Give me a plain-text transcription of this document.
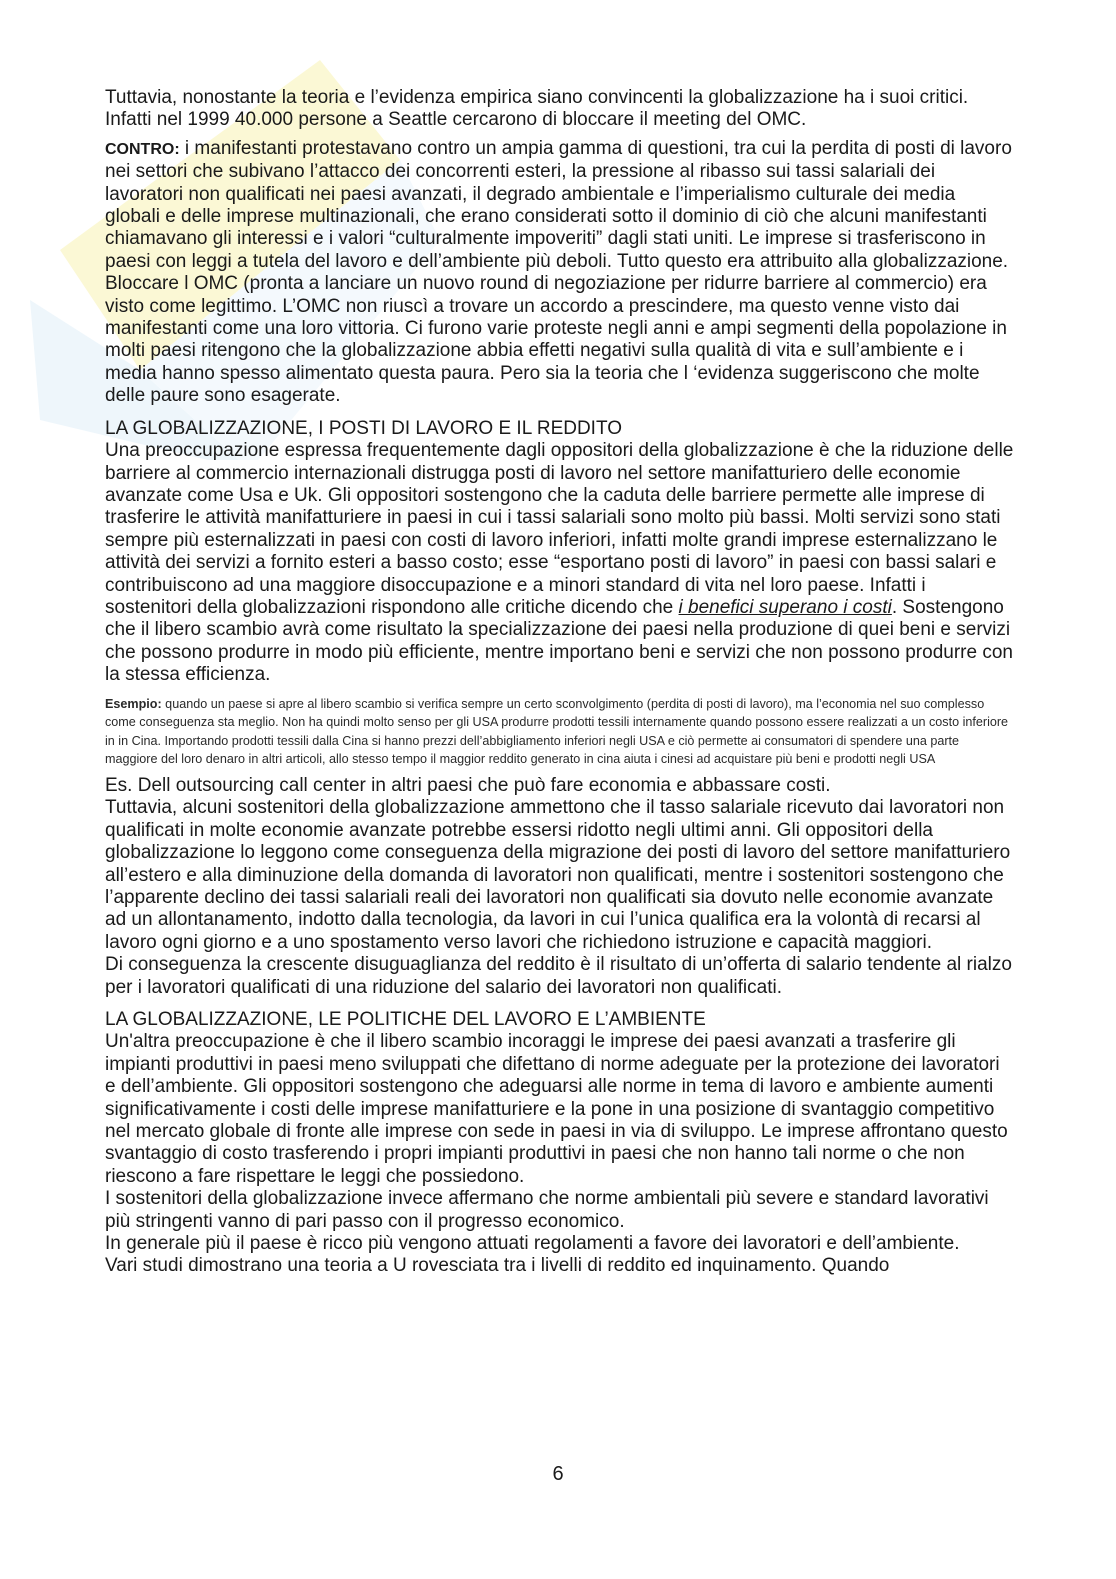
Tuttavia, nonostante la teoria e l’evidenza empirica siano convincenti la globalizzazione ha i suoi critici. Infatti nel 1999 40.000 persone a Seattle cercarono di bloccare il meeting del OMC.

CONTRO: i manifestanti protestavano contro un ampia gamma di questioni, tra cui la perdita di posti di lavoro nei settori che subivano l’attacco dei concorrenti esteri, la pressione al ribasso sui tassi salariali dei lavoratori non qualificati nei paesi avanzati, il degrado ambientale e l’imperialismo culturale dei media globali e delle imprese multinazionali, che erano considerati sotto il dominio di ciò che alcuni manifestanti chiamavano gli interessi e i valori “culturalmente impoveriti” dagli stati uniti. Le imprese si trasferiscono in paesi con leggi a tutela del lavoro e dell’ambiente più deboli. Tutto questo era attribuito alla globalizzazione.

Bloccare l OMC (pronta a lanciare un nuovo round di negoziazione per ridurre barriere al commercio) era visto come legittimo. L’OMC non riuscì a trovare un accordo a prescindere, ma questo venne visto dai manifestanti come una loro vittoria. Ci furono varie proteste negli anni e ampi segmenti della popolazione in molti paesi ritengono che la globalizzazione abbia effetti negativi sulla qualità di vita e sull’ambiente e i media hanno spesso alimentato questa paura. Pero sia la teoria che l ‘evidenza suggeriscono che molte delle paure sono esagerate.

LA GLOBALIZZAZIONE, I POSTI DI LAVORO E IL REDDITO

Una preoccupazione espressa frequentemente dagli oppositori della globalizzazione è che la riduzione delle barriere al commercio internazionali distrugga posti di lavoro nel settore manifatturiero delle economie avanzate come Usa e Uk. Gli oppositori sostengono che la caduta delle barriere permette alle imprese di trasferire le attività manifatturiere in paesi in cui i tassi salariali sono molto più bassi. Molti servizi sono stati sempre più esternalizzati in paesi con costi di lavoro inferiori, infatti molte grandi imprese esternalizzano le attività dei servizi a fornito esteri a basso costo; esse “esportano posti di lavoro” in paesi con bassi salari e contribuiscono ad una maggiore disoccupazione e a minori standard di vita nel loro paese. Infatti i sostenitori della globalizzazioni rispondono alle critiche dicendo che i benefici superano i costi. Sostengono che il libero scambio avrà come risultato la specializzazione dei paesi nella produzione di quei beni e servizi che possono produrre in modo più efficiente, mentre importano beni e servizi che non possono produrre con la stessa efficienza.

Esempio: quando un paese si apre al libero scambio si verifica sempre un certo sconvolgimento (perdita di posti di lavoro), ma l’economia nel suo complesso come conseguenza sta meglio. Non ha quindi molto senso per gli USA produrre prodotti tessili internamente quando possono essere realizzati a un costo inferiore in in Cina. Importando prodotti tessili dalla Cina si hanno prezzi dell’abbigliamento inferiori negli USA e ciò permette ai consumatori di spendere una parte maggiore del loro denaro in altri articoli, allo stesso tempo il maggior reddito generato in cina aiuta i cinesi ad acquistare più beni e prodotti negli USA

Es. Dell outsourcing call center in altri paesi che può fare economia e abbassare costi.

Tuttavia, alcuni sostenitori della globalizzazione ammettono che il tasso salariale ricevuto dai lavoratori non qualificati in molte economie avanzate potrebbe essersi ridotto negli ultimi anni. Gli oppositori della globalizzazione lo leggono come conseguenza della migrazione dei posti di lavoro del settore manifatturiero all’estero e alla diminuzione della domanda di lavoratori non qualificati, mentre i sostenitori sostengono che l’apparente declino dei tassi salariali reali dei lavoratori non qualificati sia dovuto nelle economie avanzate ad un allontanamento, indotto dalla tecnologia, da lavori in cui l’unica qualifica era la volontà di recarsi al lavoro ogni giorno e a uno spostamento verso lavori che richiedono istruzione e capacità maggiori.

Di conseguenza la crescente disuguaglianza del reddito è il risultato di un’offerta di salario tendente al rialzo per i lavoratori qualificati di una riduzione del salario dei lavoratori non qualificati.

LA GLOBALIZZAZIONE, LE POLITICHE DEL LAVORO E L’AMBIENTE

Un'altra preoccupazione è che il libero scambio incoraggi le imprese dei paesi avanzati a trasferire gli impianti produttivi in paesi meno sviluppati che difettano di norme adeguate per la protezione dei lavoratori e dell’ambiente. Gli oppositori sostengono che adeguarsi alle norme in tema di lavoro e ambiente aumenti significativamente i costi delle imprese manifatturiere e la pone in una posizione di svantaggio competitivo nel mercato globale di fronte alle imprese con sede in paesi in via di sviluppo. Le imprese affrontano questo svantaggio di costo trasferendo i propri impianti produttivi in paesi che non hanno tali norme o che non riescono a fare rispettare le leggi che possiedono.

I sostenitori della globalizzazione invece affermano che norme ambientali più severe e standard lavorativi più stringenti vanno di pari passo con il progresso economico.

In generale più il paese è ricco più vengono attuati regolamenti a favore dei lavoratori e dell’ambiente.

Vari studi dimostrano una teoria a U rovesciata tra i livelli di reddito ed inquinamento. Quando

6
